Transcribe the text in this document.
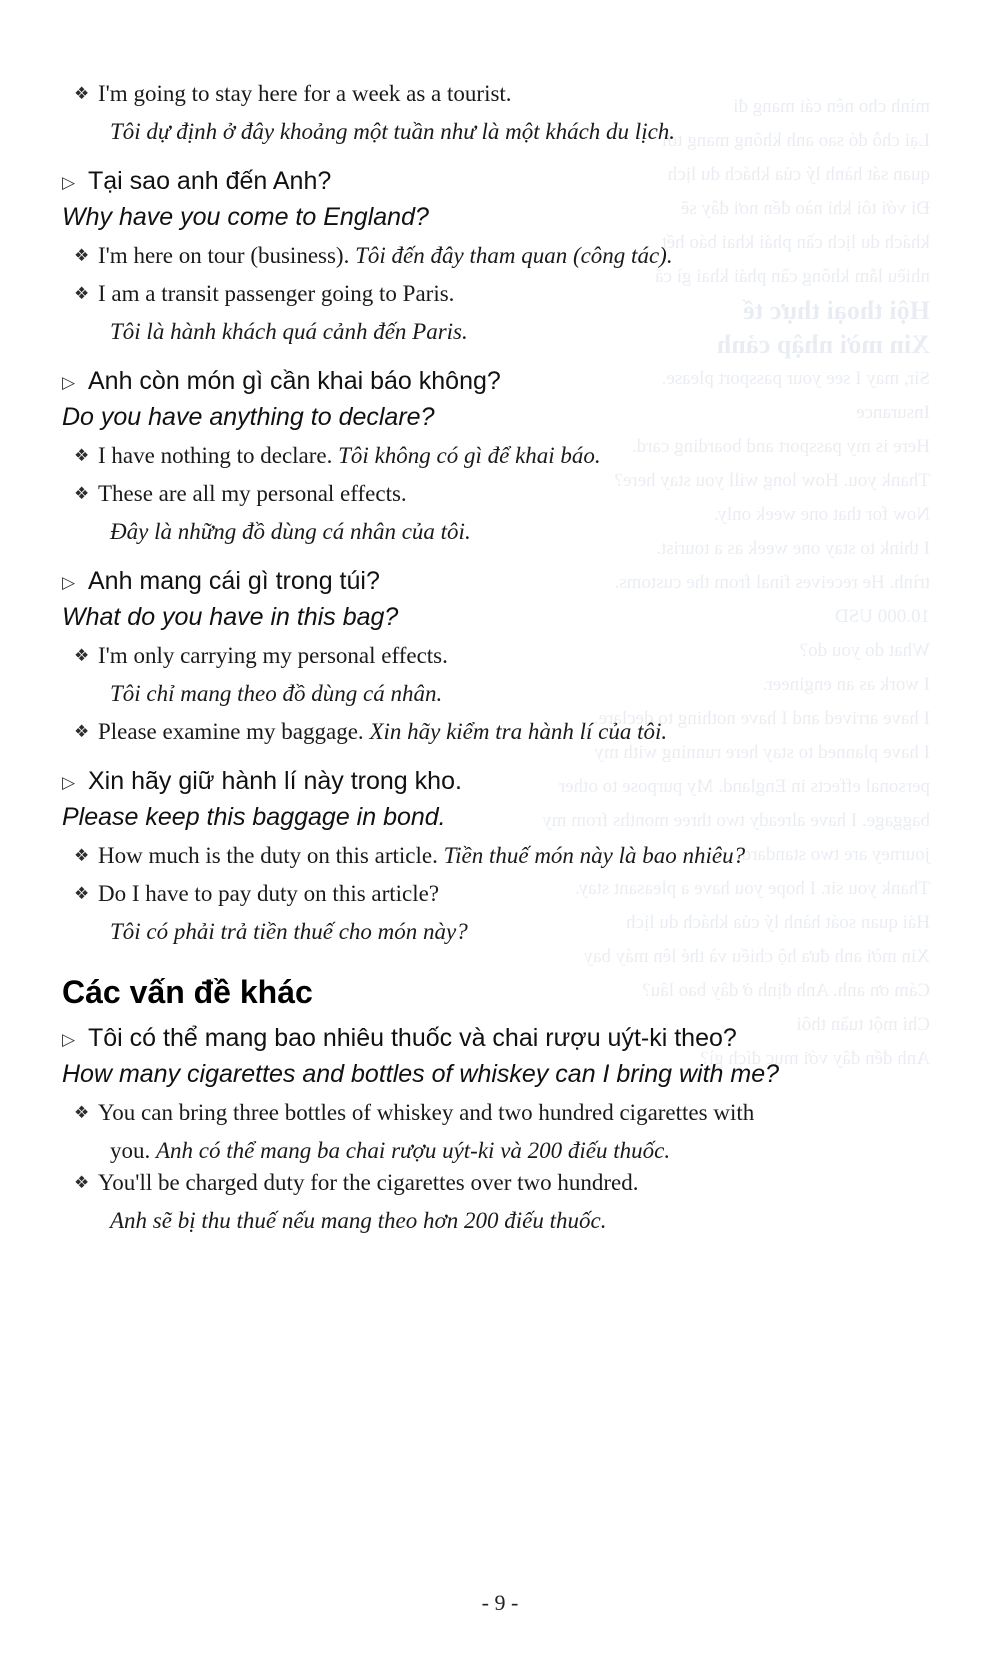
mình cho nên cái mang đi
Lại chỗ đó sao anh không mang tới
quan sát hành lý của khách du lịch
Đi với tôi khi nào đến nơi đây sẽ
khách du lịch cần phải khai báo hết
nhiều lắm không cần phải khai gì cả
Hội thoại thực tế
Xin mời nhập cảnh
Sir, may I see your passport please.
Insurance
Here is my passport and boarding card.
Thank you. How long will you stay here?
Now for that one week only.
I think to stay one week as a tourist.
trình. He receives final from the customs.
10.000 USD
What do you do?
I work as an engineer.
I have arrived and I have nothing to declare.
I have planned to stay here running with my
personal effects in England. My purpose to other
baggage. I have already two three months from my
journey are two standard.
Thank you sir. I hope you have a pleasant stay.
Hải quan soát hành lý của khách du lịch
Xin mời anh đưa hộ chiếu và thẻ lên máy bay
Cám ơn anh. Anh định ở đây bao lâu?
Chỉ một tuần thôi
Anh đến đây với mục đích gì?
❖ I'm going to stay here for a week as a tourist.
Tôi dự định ở đây khoảng một tuần như là một khách du lịch.
▷ Tại sao anh đến Anh?
Why have you come to England?
❖ I'm here on tour (business). Tôi đến đây tham quan (công tác).
❖ I am a transit passenger going to Paris.
Tôi là hành khách quá cảnh đến Paris.
▷ Anh còn món gì cần khai báo không?
Do you have anything to declare?
❖ I have nothing to declare. Tôi không có gì để khai báo.
❖ These are all my personal effects.
Đây là những đồ dùng cá nhân của tôi.
▷ Anh mang cái gì trong túi?
What do you have in this bag?
❖ I'm only carrying my personal effects.
Tôi chỉ mang theo đồ dùng cá nhân.
❖ Please examine my baggage. Xin hãy kiểm tra hành lí của tôi.
▷ Xin hãy giữ hành lí này trong kho.
Please keep this baggage in bond.
❖ How much is the duty on this article. Tiền thuế món này là bao nhiêu?
❖ Do I have to pay duty on this article?
Tôi có phải trả tiền thuế cho món này?
Các vấn đề khác
▷ Tôi có thể mang bao nhiêu thuốc và chai rượu uýt-ki theo?
How many cigarettes and bottles of whiskey can I bring with me?
❖ You can bring three bottles of whiskey and two hundred cigarettes with
you. Anh có thể mang ba chai rượu uýt-ki và 200 điếu thuốc.
❖ You'll be charged duty for the cigarettes over two hundred.
Anh sẽ bị thu thuế nếu mang theo hơn 200 điếu thuốc.
- 9 -
